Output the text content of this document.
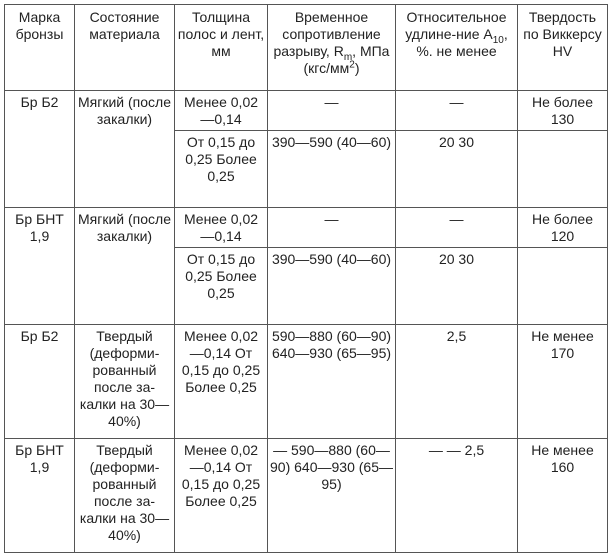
Марка бронзы	Состояние материала	Толщина полос и лент, мм	Временное сопротивление разрыву, $R_m$, МПа $(кгс/мм^2)$	Относительное удлине-ние $A_{10}$, %. не менее	Твердость по Виккерсу HV
Бр Б2	Мягкий (после закалки)	Менее 0,02—0,14	—	—	Не более 130
		От 0,15 до 0,25 Более 0,25	390—590 (40—60)	20 30	
Бр БНТ 1,9	Мягкий (после закалки)	Менее 0,02—0,14	—	—	Не более 120
		От 0,15 до 0,25 Более 0,25	390—590 (40—60)	20 30	
Бр Б2	Твердый (деформи-рованный после за-калки на 30—40%)	Менее 0,02—0,14 От 0,15 до 0,25 Более 0,25	590—880 (60—90) 640—930 (65—95)	2,5	Не менее 170
Бр БНТ 1,9	Твердый (деформи-рованный после за-калки на 30—40%)	Менее 0,02—0,14 От 0,15 до 0,25 Более 0,25	— 590—880 (60—90) 640—930 (65—95)	— — 2,5	Не менее 160
